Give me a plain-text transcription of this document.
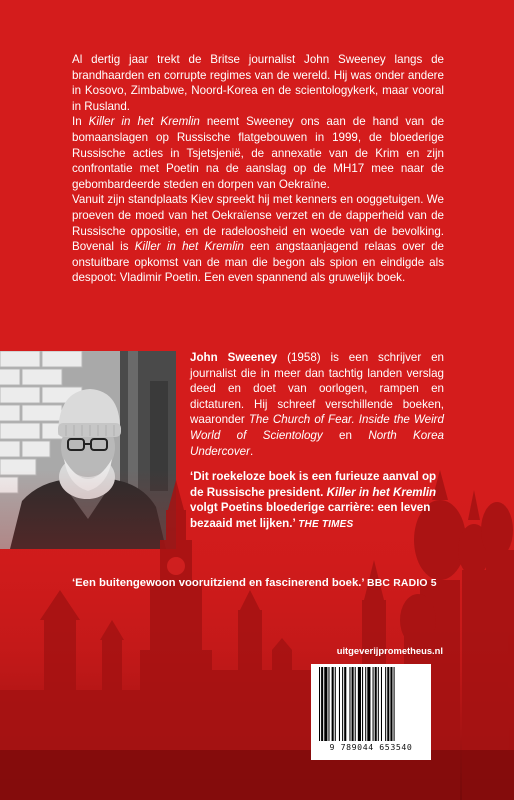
Al dertig jaar trekt de Britse journalist John Sweeney langs de brandhaarden en corrupte regimes van de wereld. Hij was onder andere in Kosovo, Zimbabwe, Noord-Korea en de scientologykerk, maar vooral in Rusland.

In Killer in het Kremlin neemt Sweeney ons aan de hand van de bomaanslagen op Russische flatgebouwen in 1999, de bloederige Russische acties in Tsjetsjenië, de annexatie van de Krim en zijn confrontatie met Poetin na de aanslag op de MH17 mee naar de gebombardeerde steden en dorpen van Oekraïne.

Vanuit zijn standplaats Kiev spreekt hij met kenners en ooggetuigen. We proeven de moed van het Oekraïense verzet en de dapperheid van de Russische oppositie, en de radeloosheid en woede van de bevolking. Bovenal is Killer in het Kremlin een angstaanjagend relaas over de onstuitbare opkomst van de man die begon als spion en eindigde als despoot: Vladimir Poetin. Een even spannend als gruwelijk boek.

John Sweeney (1958) is een schrijver en journalist die in meer dan tachtig landen verslag deed en doet van oorlogen, rampen en dictaturen. Hij schreef verschillende boeken, waaronder The Church of Fear. Inside the Weird World of Scientology en North Korea Undercover.
‘Dit roekeloze boek is een furieuze aanval op de Russische president. Killer in het Kremlin volgt Poetins bloederige carrière: een leven bezaaid met lijken.’ THE TIMES
‘Een buitengewoon vooruitziend en fascinerend boek.’ BBC RADIO 5
uitgeverijprometheus.nl
9 789044 653540
